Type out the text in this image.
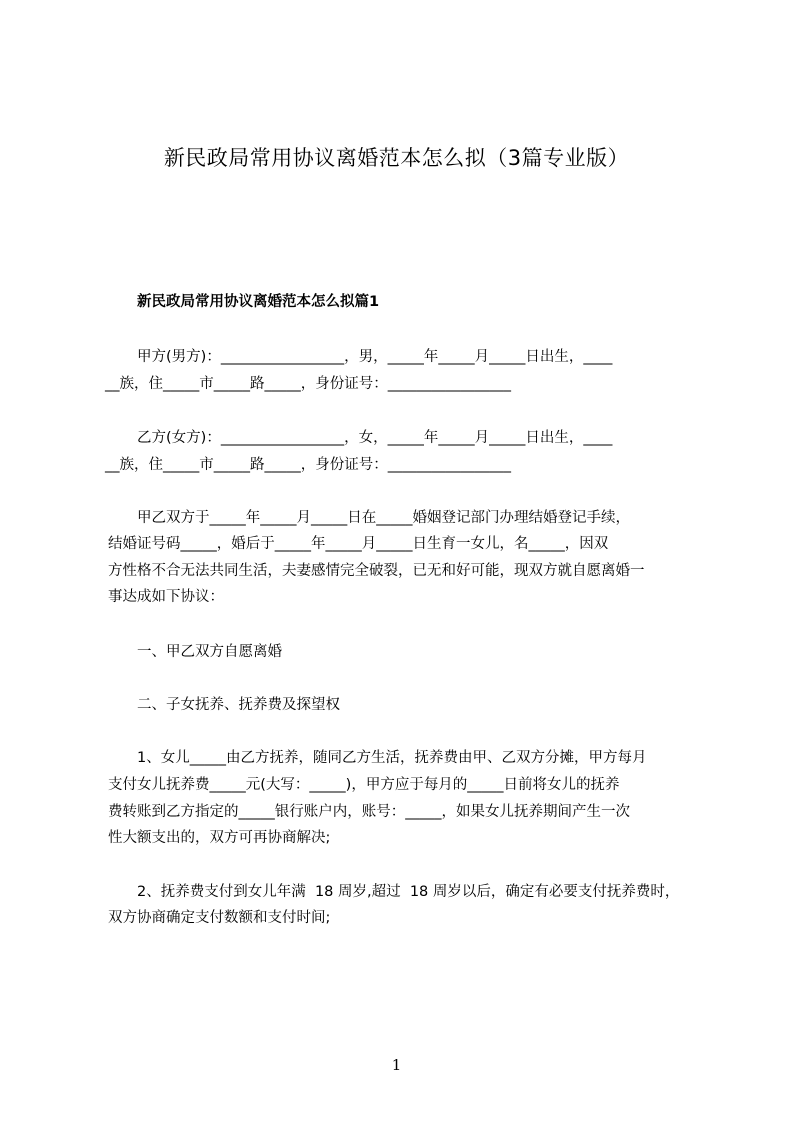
新民政局常用协议离婚范本怎么拟（3篇专业版）
新民政局常用协议离婚范本怎么拟篇1
甲方(男方)：_________________，男，_____年_____月_____日出生，____
__族，住_____市_____路_____，身份证号：_________________
乙方(女方)：_________________，女，_____年_____月_____日出生，____
__族，住_____市_____路_____，身份证号：_________________
甲乙双方于_____年_____月_____日在_____婚姻登记部门办理结婚登记手续，
结婚证号码_____，婚后于_____年_____月_____日生育一女儿，名_____，因双
方性格不合无法共同生活，夫妻感情完全破裂，已无和好可能，现双方就自愿离婚一
事达成如下协议：
一、甲乙双方自愿离婚
二、子女抚养、抚养费及探望权
1、女儿_____由乙方抚养，随同乙方生活，抚养费由甲、乙双方分摊，甲方每月
支付女儿抚养费_____元(大写：_____)，甲方应于每月的_____日前将女儿的抚养
费转账到乙方指定的_____银行账户内，账号：_____，如果女儿抚养期间产生一次
性大额支出的，双方可再协商解决;
2、抚养费支付到女儿年满  18 周岁,超过  18 周岁以后，确定有必要支付抚养费时，
双方协商确定支付数额和支付时间;
1
